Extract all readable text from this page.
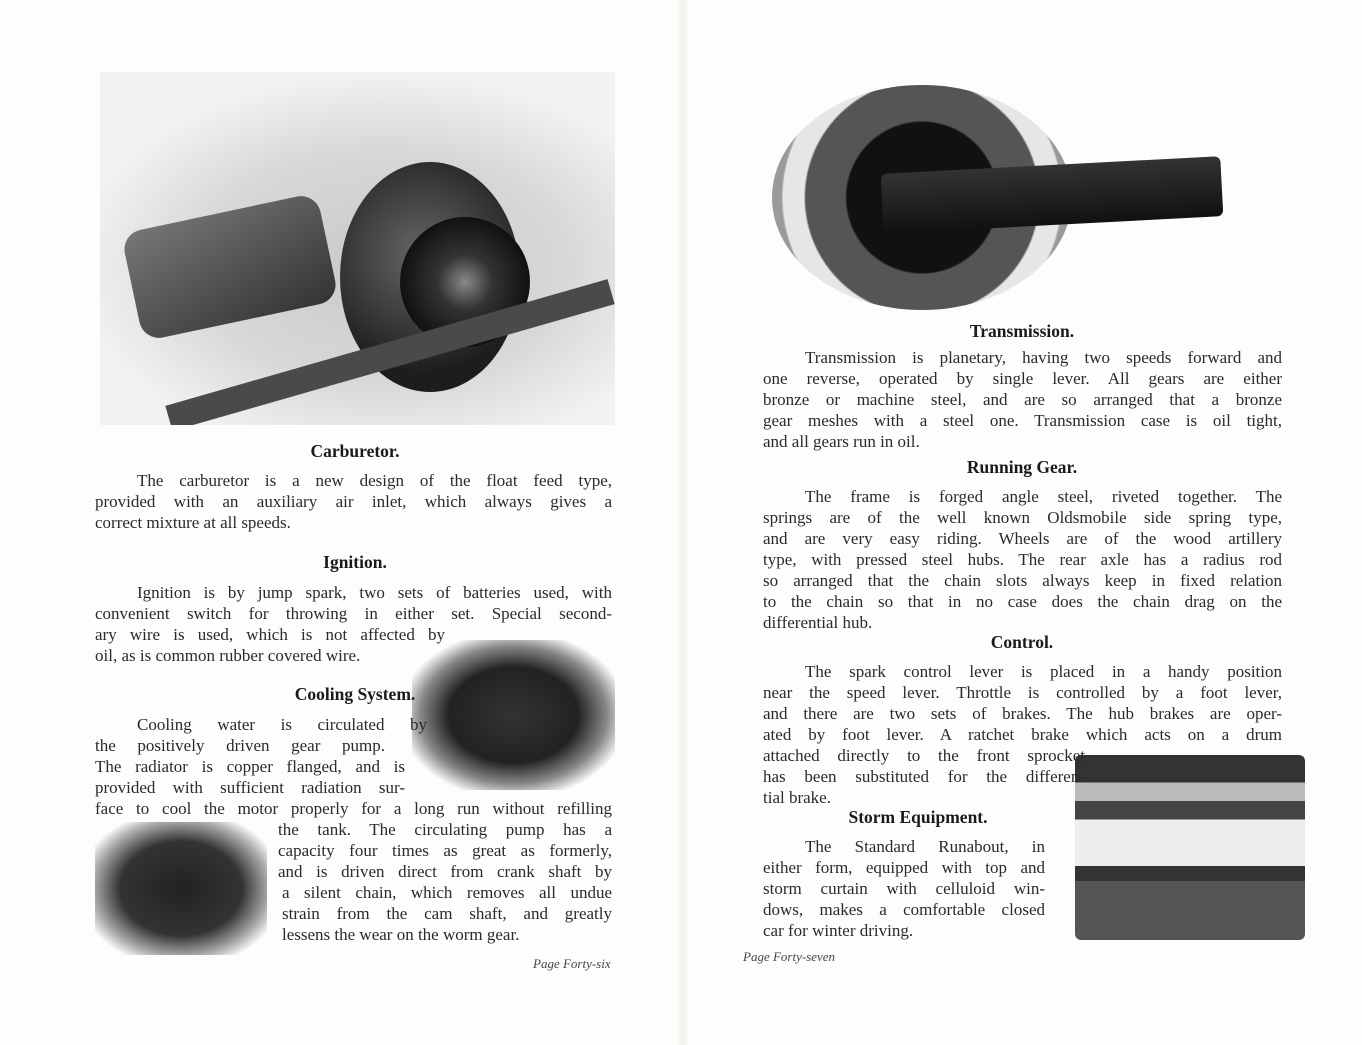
Carburetor.
Ignition.
Cooling System.
Transmission.
Running Gear.
Control.
Storm Equipment.
The carburetor is a new design of the float feed type,
provided with an auxiliary air inlet, which always gives a
correct mixture at all speeds.
Ignition is by jump spark, two sets of batteries used, with
convenient switch for throwing in either set. Special second-
ary wire is used, which is not affected by
oil, as is common rubber covered wire.
Cooling water is circulated by
the positively driven gear pump.
The radiator is copper flanged, and is
provided with sufficient radiation sur-
face to cool the motor properly for a long run without refilling
the tank. The circulating pump has a
capacity four times as great as formerly,
and is driven direct from crank shaft by
a silent chain, which removes all undue
strain from the cam shaft, and greatly
lessens the wear on the worm gear.
Transmission is planetary, having two speeds forward and
one reverse, operated by single lever. All gears are either
bronze or machine steel, and are so arranged that a bronze
gear meshes with a steel one. Transmission case is oil tight,
and all gears run in oil.
The frame is forged angle steel, riveted together. The
springs are of the well known Oldsmobile side spring type,
and are very easy riding. Wheels are of the wood artillery
type, with pressed steel hubs. The rear axle has a radius rod
so arranged that the chain slots always keep in fixed relation
to the chain so that in no case does the chain drag on the
differential hub.
The spark control lever is placed in a handy position
near the speed lever. Throttle is controlled by a foot lever,
and there are two sets of brakes. The hub brakes are oper-
ated by foot lever. A ratchet brake which acts on a drum
attached directly to the front sprocket
has been substituted for the differen-
tial brake.
The Standard Runabout, in
either form, equipped with top and
storm curtain with celluloid win-
dows, makes a comfortable closed
car for winter driving.
Page Forty-six	Page Forty-seven
